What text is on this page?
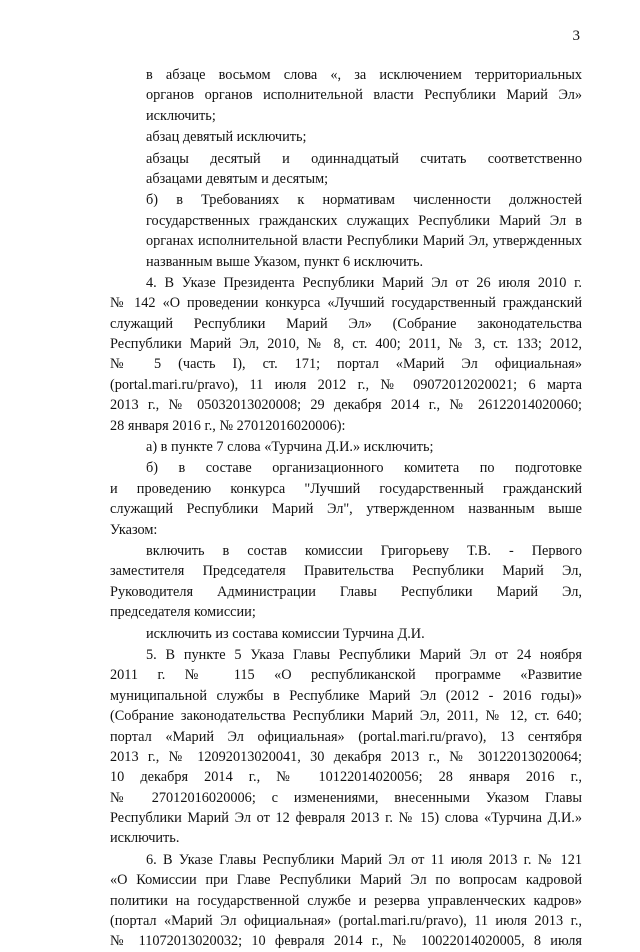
3
в абзаце восьмом слова «, за исключением территориальных
органов органов исполнительной власти Республики Марий Эл»
исключить;
абзац девятый исключить;
абзацы десятый и одиннадцатый считать соответственно
абзацами девятым и десятым;
б) в Требованиях к нормативам численности должностей
государственных гражданских служащих Республики Марий Эл в
органах исполнительной власти Республики Марий Эл, утвержденных
названным выше Указом, пункт 6 исключить.
4. В Указе Президента Республики Марий Эл от 26 июля 2010 г.
№ 142 «О проведении конкурса «Лучший государственный гражданский
служащий Республики Марий Эл» (Собрание законодательства
Республики Марий Эл, 2010, № 8, ст. 400; 2011, № 3, ст. 133; 2012,
№ 5 (часть I), ст. 171; портал «Марий Эл официальная»
(portal.mari.ru/pravo), 11 июля 2012 г., № 09072012020021; 6 марта
2013 г., № 05032013020008; 29 декабря 2014 г., № 26122014020060;
28 января 2016 г., № 27012016020006):
а) в пункте 7 слова «Турчина Д.И.» исключить;
б) в составе организационного комитета по подготовке
и проведению конкурса "Лучший государственный гражданский
служащий Республики Марий Эл", утвержденном названным выше
Указом:
включить в состав комиссии Григорьеву Т.В. - Первого
заместителя Председателя Правительства Республики Марий Эл,
Руководителя Администрации Главы Республики Марий Эл,
председателя комиссии;
исключить из состава комиссии Турчина Д.И.
5. В пункте 5 Указа Главы Республики Марий Эл от 24 ноября
2011 г. № 115 «О республиканской программе «Развитие
муниципальной службы в Республике Марий Эл (2012 - 2016 годы)»
(Собрание законодательства Республики Марий Эл, 2011, № 12, ст. 640;
портал «Марий Эл официальная» (portal.mari.ru/pravo), 13 сентября
2013 г., № 12092013020041, 30 декабря 2013 г., № 30122013020064;
10 декабря 2014 г., № 10122014020056; 28 января 2016 г.,
№ 27012016020006; с изменениями, внесенными Указом Главы
Республики Марий Эл от 12 февраля 2013 г. № 15) слова «Турчина Д.И.»
исключить.
6. В Указе Главы Республики Марий Эл от 11 июля 2013 г. № 121
«О Комиссии при Главе Республики Марий Эл по вопросам кадровой
политики на государственной службе и резерва управленческих кадров»
(портал «Марий Эл официальная» (portal.mari.ru/pravo), 11 июля 2013 г.,
№ 11072013020032; 10 февраля 2014 г., № 10022014020005, 8 июля
